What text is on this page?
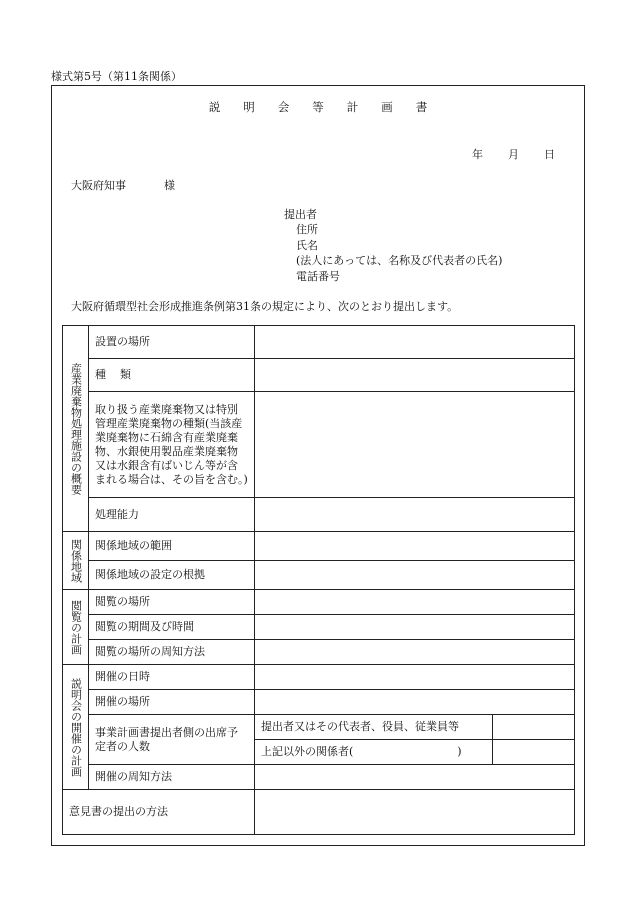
様式第5号（第11条関係）
説明会等計画書
年	月	日
大阪府知事	様
提出者
住所
氏名
(法人にあっては、名称及び代表者の氏名)
電話番号
大阪府循環型社会形成推進条例第31条の規定により、次のとおり提出します。
産業廃棄物処理施設の概要	設置の場所		
	種 類		
	取り扱う産業廃棄物又は特別管理産業廃棄物の種類(当該産業廃棄物に石綿含有産業廃棄物、水銀使用製品産業廃棄物又は水銀含有ばいじん等が含まれる場合は、その旨を含む。)		
	処理能力		

関係地域	関係地域の範囲		
	関係地域の設定の根拠		

閲覧の計画	閲覧の場所		
	閲覧の期間及び時間		
	閲覧の場所の周知方法		

説明会の開催の計画	開催の日時		
	開催の場所		
	事業計画書提出者側の出席予定者の人数	提出者又はその代表者、役員、従業員等	
		上記以外の関係者( )	
	開催の周知方法		
意見書の提出の方法			
